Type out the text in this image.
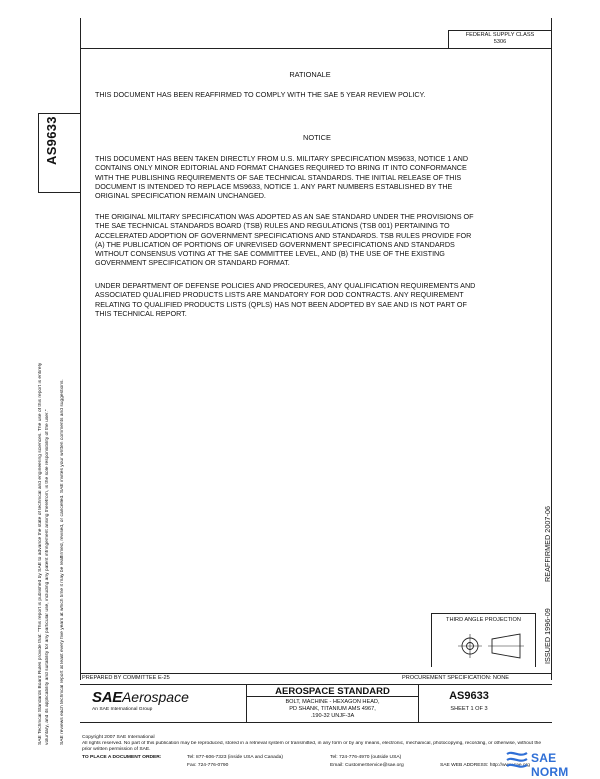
FEDERAL SUPPLY CLASS
5306
AS9633
SAE Technical Standards Board Rules provide that: "This report is published by SAE to advance the state of technical and engineering sciences. The use of this report is entirely voluntary, and its applicability and suitability for any particular use, including any patent infringement arising therefrom, is the sole responsibility of the user." SAE reviews each technical report at least every five years at which time it may be reaffirmed, revised, or cancelled. SAE invites your written comments and suggestions.
RATIONALE
THIS DOCUMENT HAS BEEN REAFFIRMED TO COMPLY WITH THE SAE 5 YEAR REVIEW POLICY.
NOTICE
THIS DOCUMENT HAS BEEN TAKEN DIRECTLY FROM U.S. MILITARY SPECIFICATION MS9633, NOTICE 1 AND
CONTAINS ONLY MINOR EDITORIAL AND FORMAT CHANGES REQUIRED TO BRING IT INTO CONFORMANCE
WITH THE PUBLISHING REQUIREMENTS OF SAE TECHNICAL STANDARDS. THE INITIAL RELEASE OF THIS
DOCUMENT IS INTENDED TO REPLACE MS9633, NOTICE 1. ANY PART NUMBERS ESTABLISHED BY THE
ORIGINAL SPECIFICATION REMAIN UNCHANGED.
THE ORIGINAL MILITARY SPECIFICATION WAS ADOPTED AS AN SAE STANDARD UNDER THE PROVISIONS OF
THE SAE TECHNICAL STANDARDS BOARD (TSB) RULES AND REGULATIONS (TSB 001) PERTAINING TO
ACCELERATED ADOPTION OF GOVERNMENT SPECIFICATIONS AND STANDARDS. TSB RULES PROVIDE FOR
(A) THE PUBLICATION OF PORTIONS OF UNREVISED GOVERNMENT SPECIFICATIONS AND STANDARDS
WITHOUT CONSENSUS VOTING AT THE SAE COMMITTEE LEVEL, AND (B) THE USE OF THE EXISTING
GOVERNMENT SPECIFICATION OR STANDARD FORMAT.
UNDER DEPARTMENT OF DEFENSE POLICIES AND PROCEDURES, ANY QUALIFICATION REQUIREMENTS AND
ASSOCIATED QUALIFIED PRODUCTS LISTS ARE MANDATORY FOR DOD CONTRACTS. ANY REQUIREMENT
RELATING TO QUALIFIED PRODUCTS LISTS (QPLS) HAS NOT BEEN ADOPTED BY SAE AND IS NOT PART OF
THIS TECHNICAL REPORT.
REAFFIRMED 2007-06
ISSUED 1996-09
THIRD ANGLE PROJECTION
PREPARED BY COMMITTEE E-25	PROCUREMENT SPECIFICATION: NONE
SAEAerospace
An SAE International Group
AEROSPACE STANDARD
BOLT, MACHINE - HEXAGON HEAD,
PD SHANK, TITANIUM AMS 4967,
.190-32 UNJF-3A
AS9633
SHEET 1 OF 3
Copyright 2007 SAE International
All rights reserved. No part of this publication may be reproduced, stored in a retrieval system or transmitted, in any form or by any means, electronic, mechanical, photocopying, recording, or otherwise, without the prior written permission of SAE.
TO PLACE A DOCUMENT ORDER:	Tel: 877-606-7323 (inside USA and Canada)	Tel: 724-776-4970 (outside USA)
Fax: 724-776-0790	Email: CustomerService@sae.org	SAE WEB ADDRESS: http://www.sae.org
SAE NORM
